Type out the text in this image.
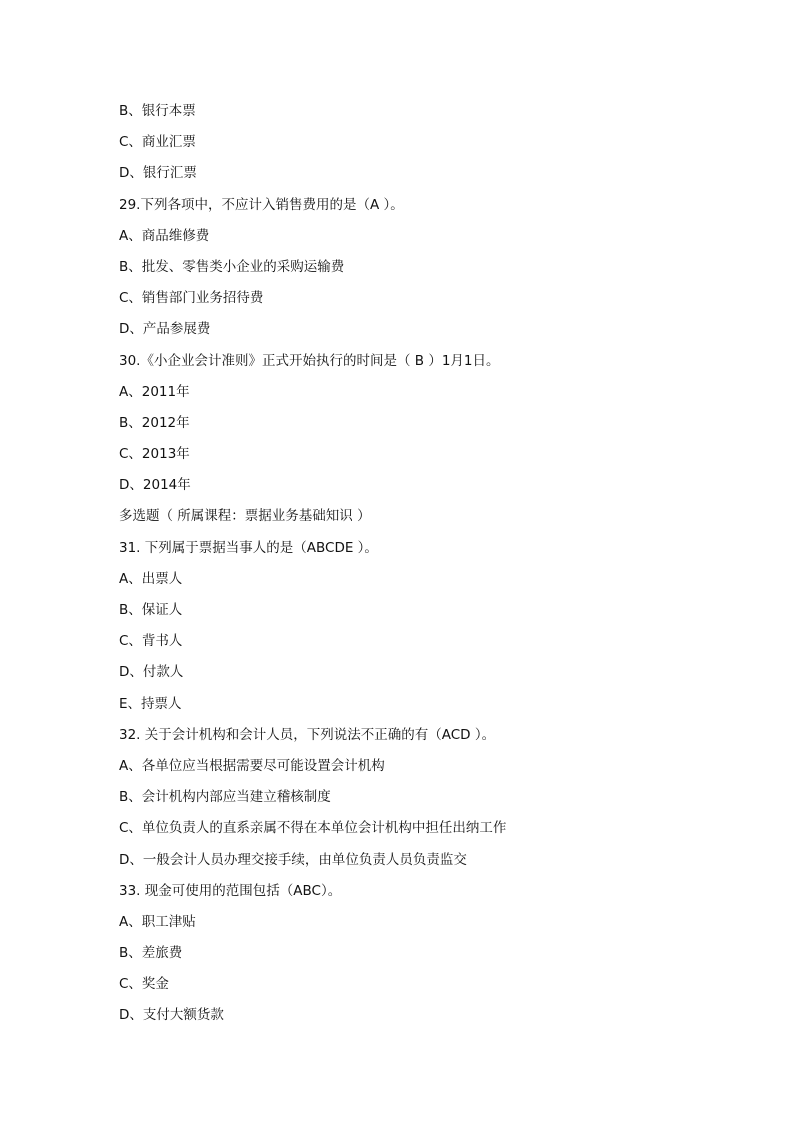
B、银行本票
C、商业汇票
D、银行汇票
29.下列各项中，不应计入销售费用的是（A ）。
A、商品维修费
B、批发、零售类小企业的采购运输费
C、销售部门业务招待费
D、产品参展费
30.《小企业会计准则》正式开始执行的时间是（ B ）1月1日。
A、2011年
B、2012年
C、2013年
D、2014年
多选题（ 所属课程：票据业务基础知识 ）
31. 下列属于票据当事人的是（ABCDE ）。
A、出票人
B、保证人
C、背书人
D、付款人
E、持票人
32. 关于会计机构和会计人员，下列说法不正确的有（ACD ）。
A、各单位应当根据需要尽可能设置会计机构
B、会计机构内部应当建立稽核制度
C、单位负责人的直系亲属不得在本单位会计机构中担任出纳工作
D、一般会计人员办理交接手续，由单位负责人员负责监交
33. 现金可使用的范围包括（ABC）。
A、职工津贴
B、差旅费
C、奖金
D、支付大额货款
